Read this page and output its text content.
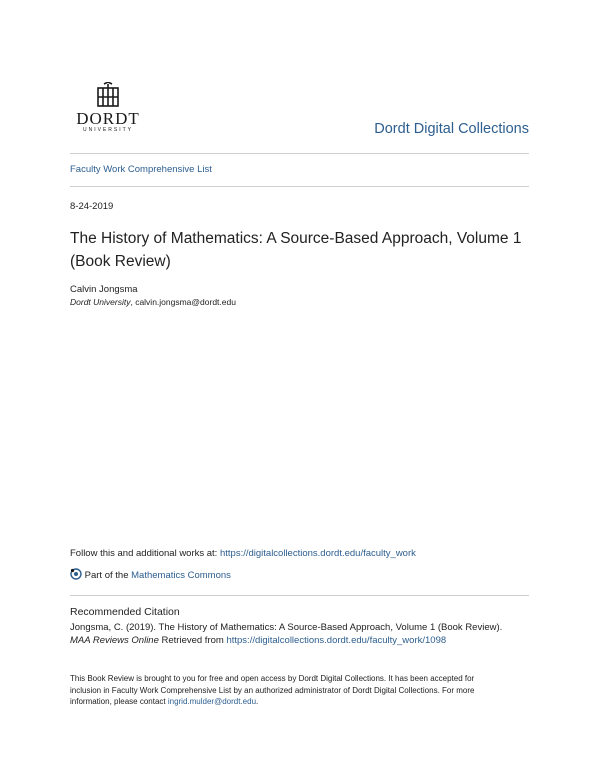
DORDT
UNIVERSITY	Dordt Digital Collections
Faculty Work Comprehensive List
8-24-2019
The History of Mathematics: A Source-Based Approach, Volume 1 (Book Review)
Calvin Jongsma
Dordt University, calvin.jongsma@dordt.edu
Follow this and additional works at: https://digitalcollections.dordt.edu/faculty_work
Part of the Mathematics Commons
Recommended Citation
Jongsma, C. (2019). The History of Mathematics: A Source-Based Approach, Volume 1 (Book Review).
MAA Reviews Online Retrieved from https://digitalcollections.dordt.edu/faculty_work/1098
This Book Review is brought to you for free and open access by Dordt Digital Collections. It has been accepted for
inclusion in Faculty Work Comprehensive List by an authorized administrator of Dordt Digital Collections. For more
information, please contact ingrid.mulder@dordt.edu.
